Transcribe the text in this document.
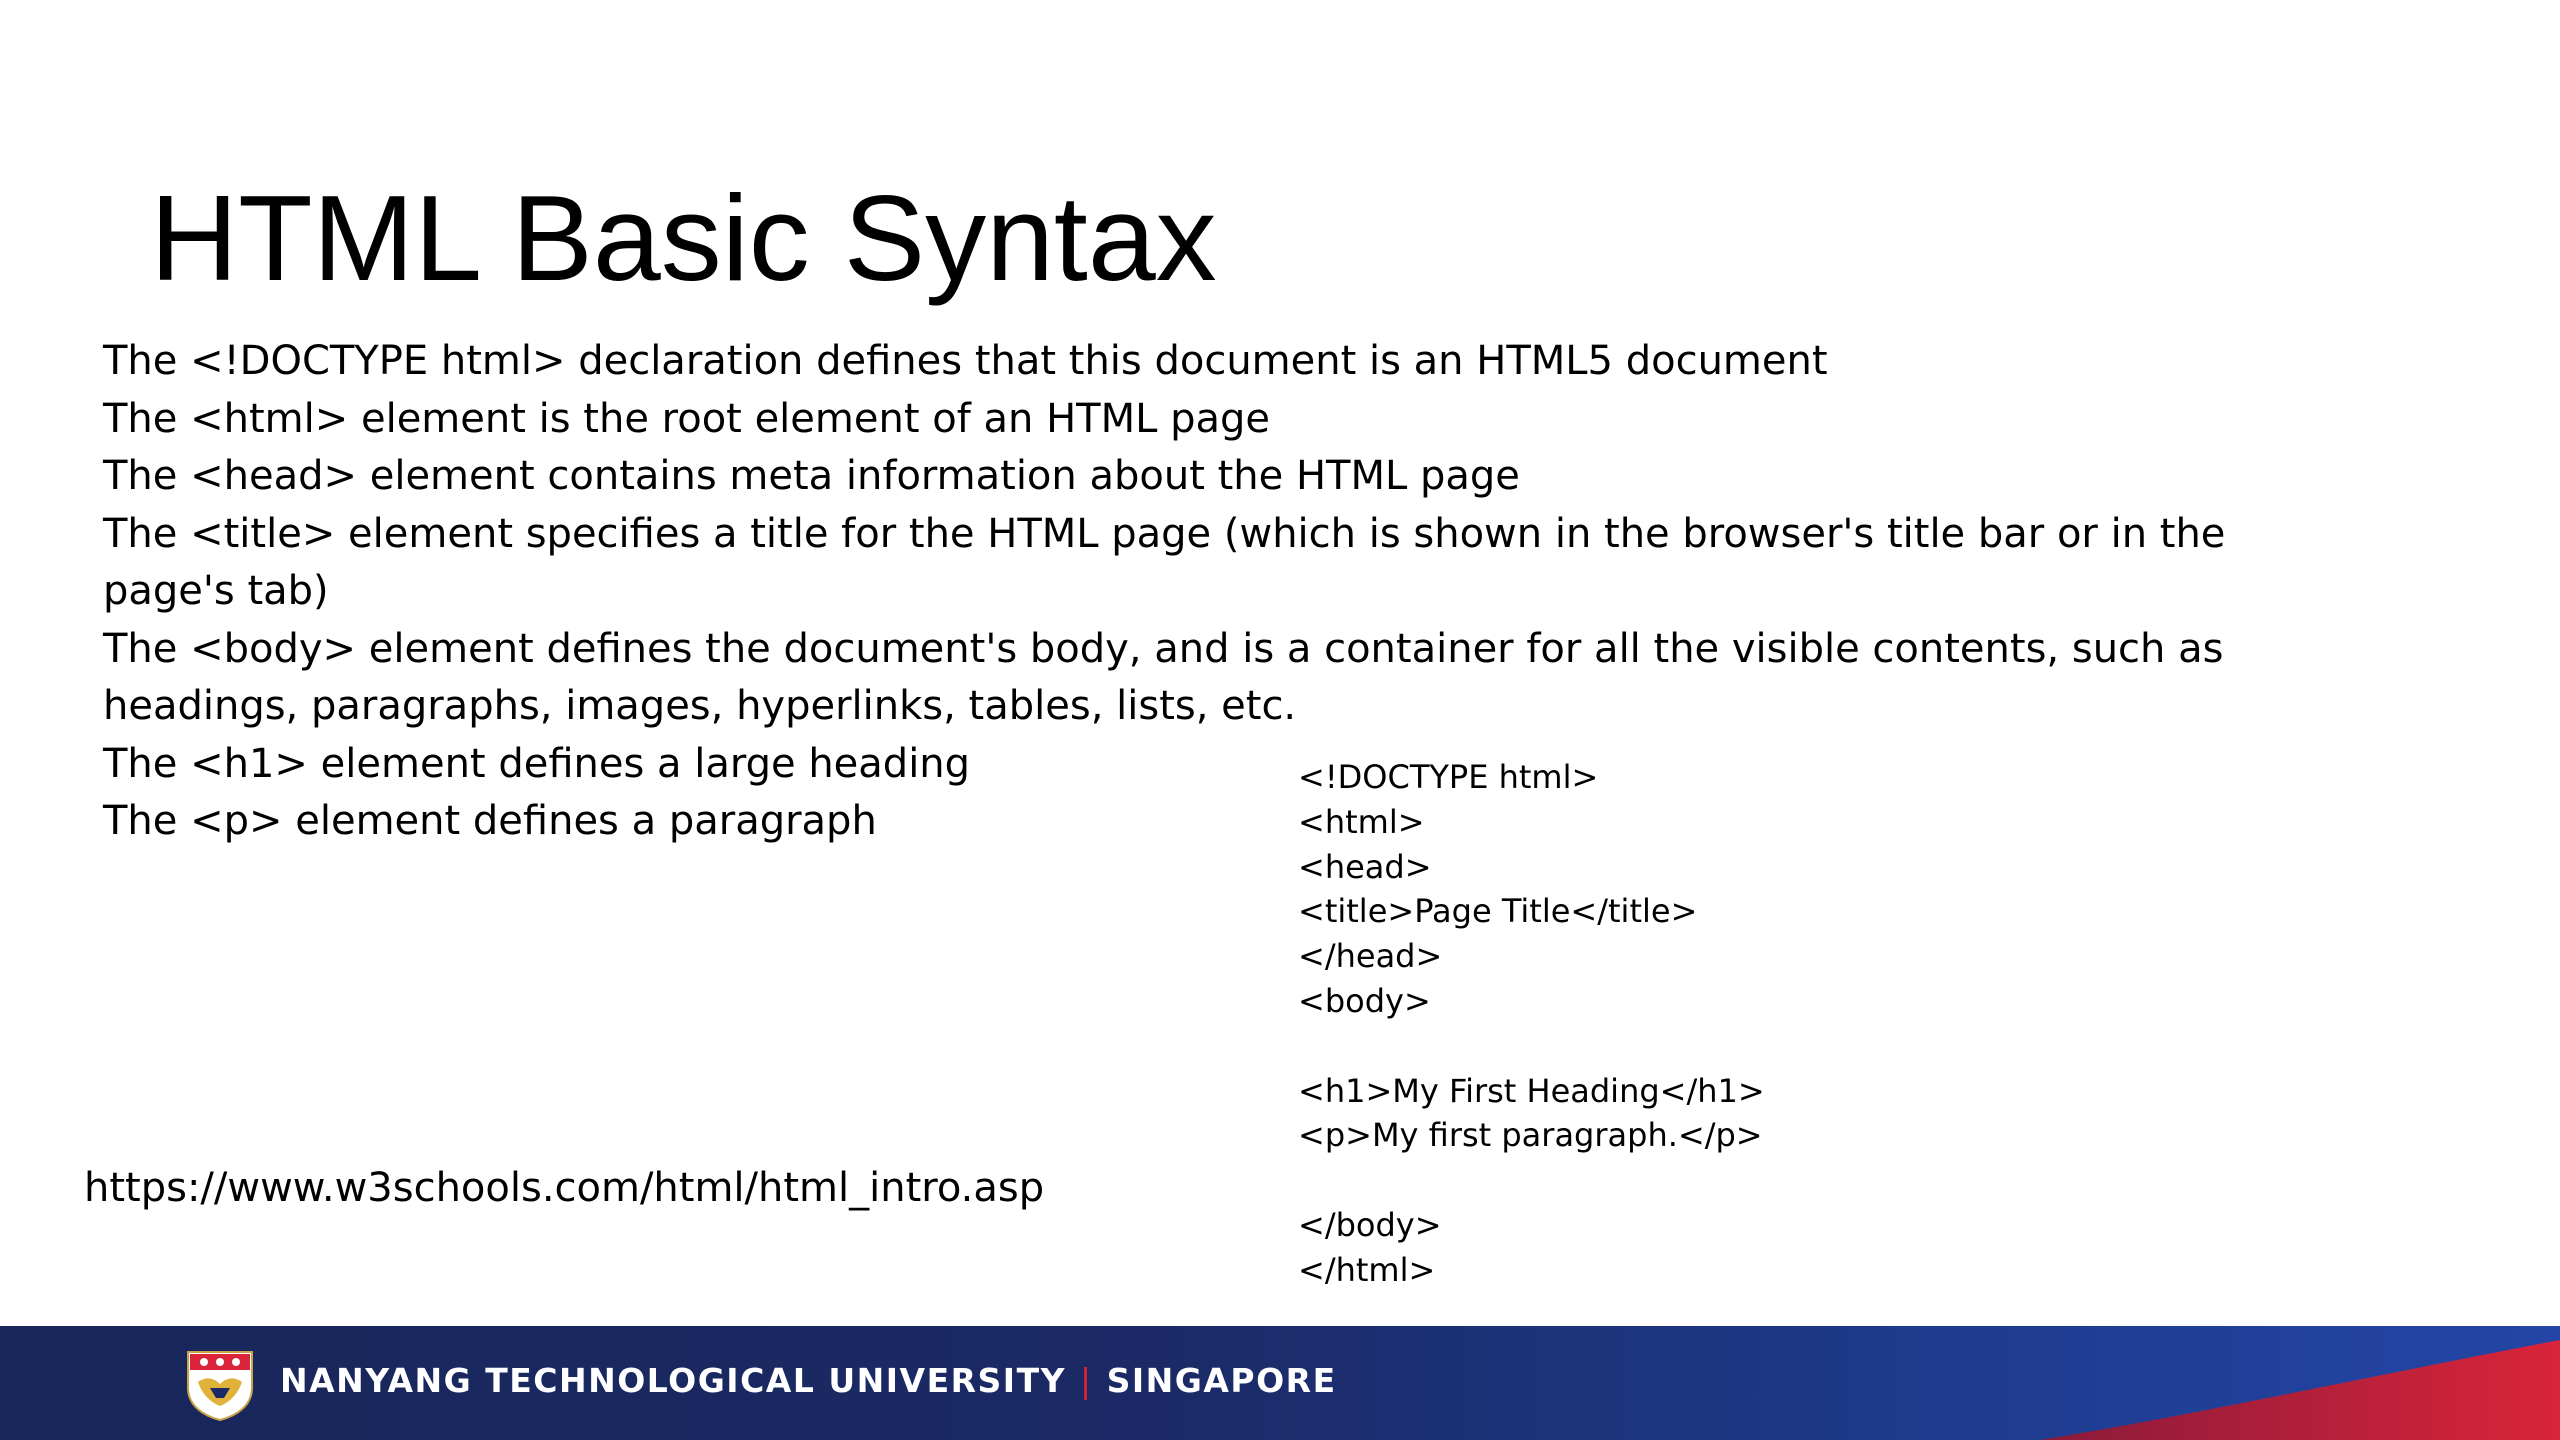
HTML Basic Syntax
The <!DOCTYPE html> declaration defines that this document is an HTML5 document
The <html> element is the root element of an HTML page
The <head> element contains meta information about the HTML page
The <title> element specifies a title for the HTML page (which is shown in the browser's title bar or in the
page's tab)
The <body> element defines the document's body, and is a container for all the visible contents, such as
headings, paragraphs, images, hyperlinks, tables, lists, etc.
The <h1> element defines a large heading
The <p> element defines a paragraph
<!DOCTYPE html>
<html>
<head>
<title>Page Title</title>
</head>
<body>
<h1>My First Heading</h1>
<p>My first paragraph.</p>
</body>
</html>
https://www.w3schools.com/html/html_intro.asp
NANYANG TECHNOLOGICAL UNIVERSITY | SINGAPORE
